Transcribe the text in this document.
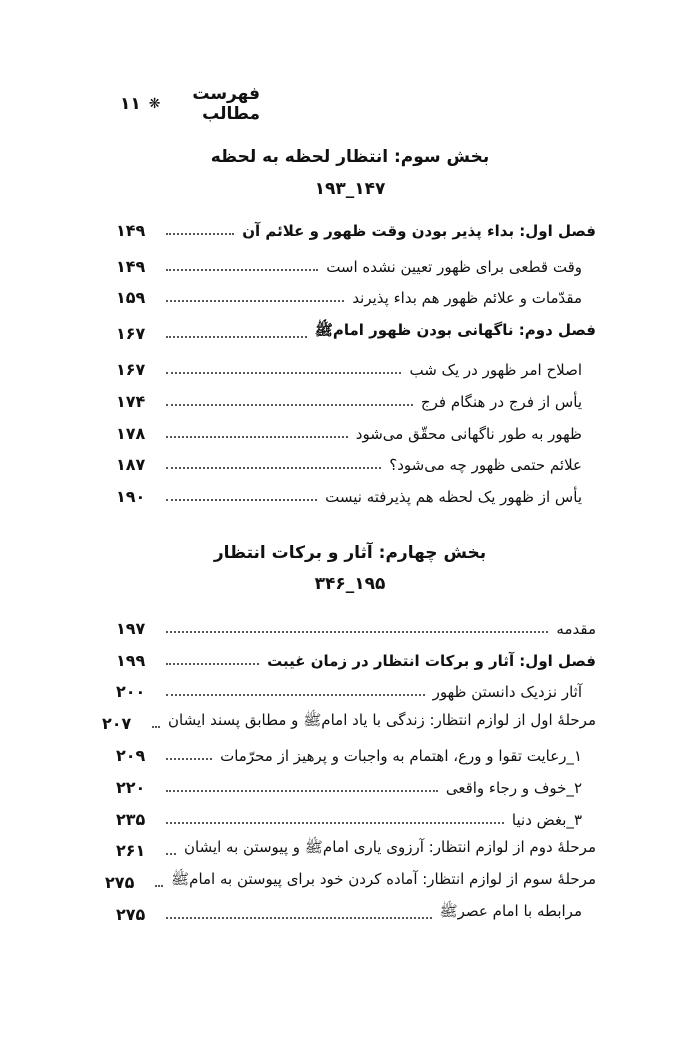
فهرست مطالب
❋
۱۱
بخش سوم: انتظار لحظه به لحظه
۱۹۳_۱۴۷
فصل اول: بداء پذیر بودن وقت ظهور و علائم آن
۱۴۹
وقت قطعی برای ظهور تعیین نشده است
۱۴۹
مقدّمات و علائم ظهور هم بداء پذیرند
۱۵۹
فصل دوم: ناگهانی بودن ظهور امامﷺ
۱۶۷
اصلاح امر ظهور در یک شب
۱۶۷
یأس از فرج در هنگام فرج
۱۷۴
ظهور به طور ناگهانی محقّق می‌شود
۱۷۸
علائم حتمی ظهور چه می‌شود؟
۱۸۷
یأس از ظهور یک لحظه هم پذیرفته نیست
۱۹۰
بخش چهارم: آثار و برکات انتظار
۳۴۶_۱۹۵
مقدمه
۱۹۷
فصل اول: آثار و برکات انتظار در زمان غیبت
۱۹۹
آثار نزدیک دانستن ظهور
۲۰۰
مرحلۀ اول از لوازم انتظار: زندگی با یاد امامﷺ و مطابق پسند ایشان
۲۰۷
۱_رعایت تقوا و ورع، اهتمام به واجبات و پرهیز از محرّمات
۲۰۹
۲_خوف و رجاء واقعی
۲۲۰
۳_بغض دنیا
۲۳۵
مرحلۀ دوم از لوازم انتظار: آرزوی یاری امامﷺ و پیوستن به ایشان
۲۶۱
مرحلۀ سوم از لوازم انتظار: آماده کردن خود برای پیوستن به امامﷺ
۲۷۵
مرابطه با امام عصرﷺ
۲۷۵
